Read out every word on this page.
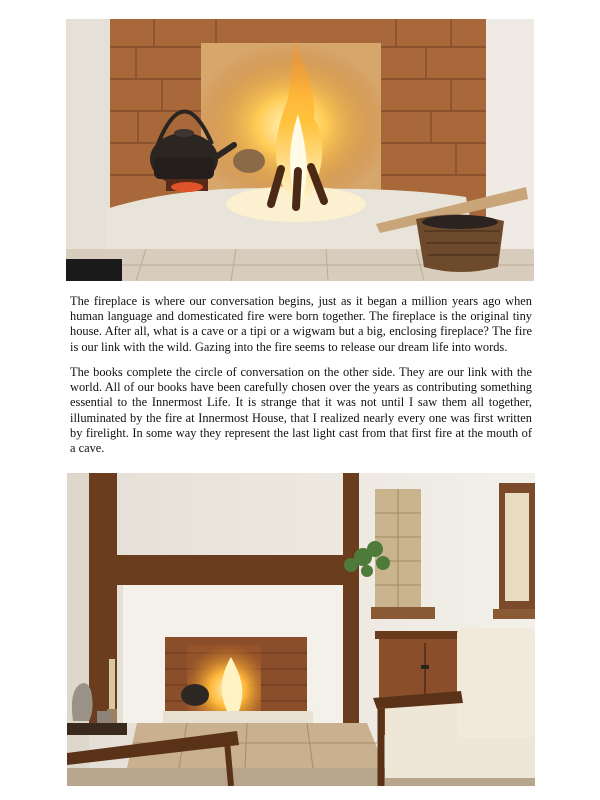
The fireplace is where our conversation begins, just as it began a million years ago when human language and domesticated fire were born together. The fireplace is the original tiny house. After all, what is a cave or a tipi or a wigwam but a big, enclosing fireplace? The fire is our link with the wild. Gazing into the fire seems to release our dream life into words.

The books complete the circle of conversation on the other side. They are our link with the world. All of our books have been carefully chosen over the years as contributing something essential to the Innermost Life. It is strange that it was not until I saw them all together, illuminated by the fire at Innermost House, that I realized nearly every one was first written by firelight. In some way they represent the last light cast from that first fire at the mouth of a cave.
